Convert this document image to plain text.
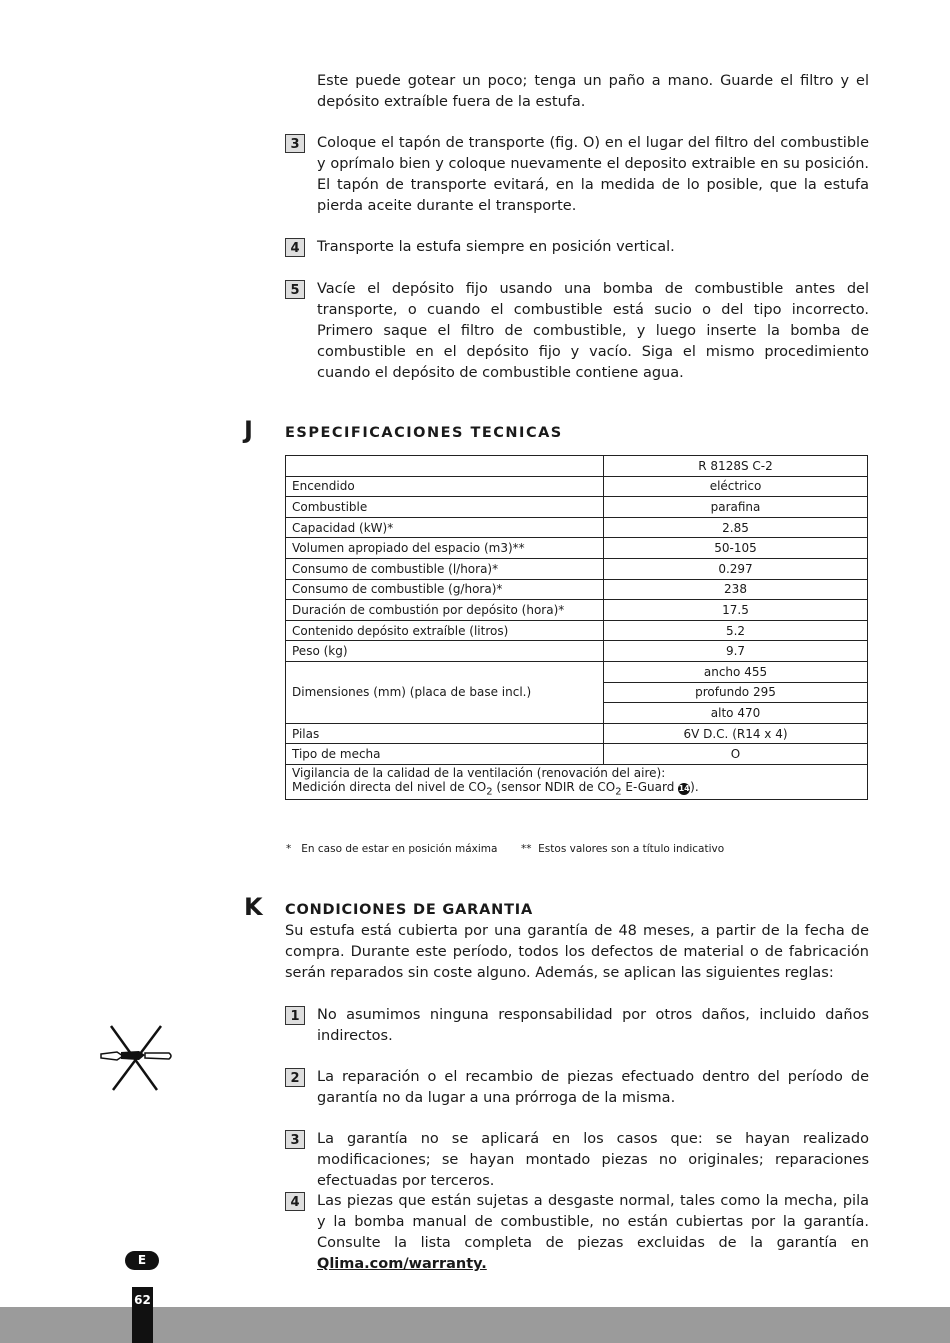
Este puede gotear un poco; tenga un paño a mano. Guarde el filtro y el depósito extraíble fuera de la estufa.

3	Coloque el tapón de transporte (fig. O) en el lugar del filtro del combustible y oprímalo bien y coloque nuevamente el deposito extraible en su posición. El tapón de transporte evitará, en la medida de lo posible, que la estufa pierda aceite durante el transporte.

4	Transporte la estufa siempre en posición vertical.

5	Vacíe el depósito fijo usando una bomba de combustible antes del transporte, o cuando el combustible está sucio o del tipo incorrecto. Primero saque el filtro de combustible, y luego inserte la bomba de combustible en el depósito fijo y vacío. Siga el mismo procedimiento cuando el depósito de combustible contiene agua.

J ESPECIFICACIONES TECNICAS
	R 8128S C-2
Encendido	eléctrico
Combustible	parafina
Capacidad (kW)*	2.85
Volumen apropiado del espacio (m3)**	50-105
Consumo de combustible (l/hora)*	0.297
Consumo de combustible (g/hora)*	238
Duración de combustión por depósito (hora)*	17.5
Contenido depósito extraíble (litros)	5.2
Peso (kg)	9.7
Dimensiones (mm) (placa de base incl.)	ancho 455
	profundo 295
	alto 470
Pilas	6V D.C. (R14 x 4)
Tipo de mecha	O
Vigilancia de la calidad de la ventilación (renovación del aire):
Medición directa del nivel de $CO_2$ (sensor NDIR de $CO_2$ E-Guard 14).	
*   En caso de estar en posición máxima **  Estos valores son a título indicativo
K CONDICIONES DE GARANTIA

Su estufa está cubierta por una garantía de 48 meses, a partir de la fecha de compra. Durante este período, todos los defectos de material o de fabricación serán reparados sin coste alguno. Además, se aplican las siguientes reglas:

1	No asumimos ninguna responsabilidad por otros daños, incluido daños indirectos.

2	La reparación o el recambio de piezas efectuado dentro del período de garantía no da lugar a una prórroga de la misma.

3	La garantía no se aplicará en los casos que: se hayan realizado modificaciones; se hayan montado piezas no originales; reparaciones efectuadas por terceros.

4	Las piezas que están sujetas a desgaste normal, tales como la mecha, pila y la bomba manual de combustible, no están cubiertas por la garantía. Consulte la lista completa de piezas excluidas de la garantía en Qlima.com/warranty.

E
62
